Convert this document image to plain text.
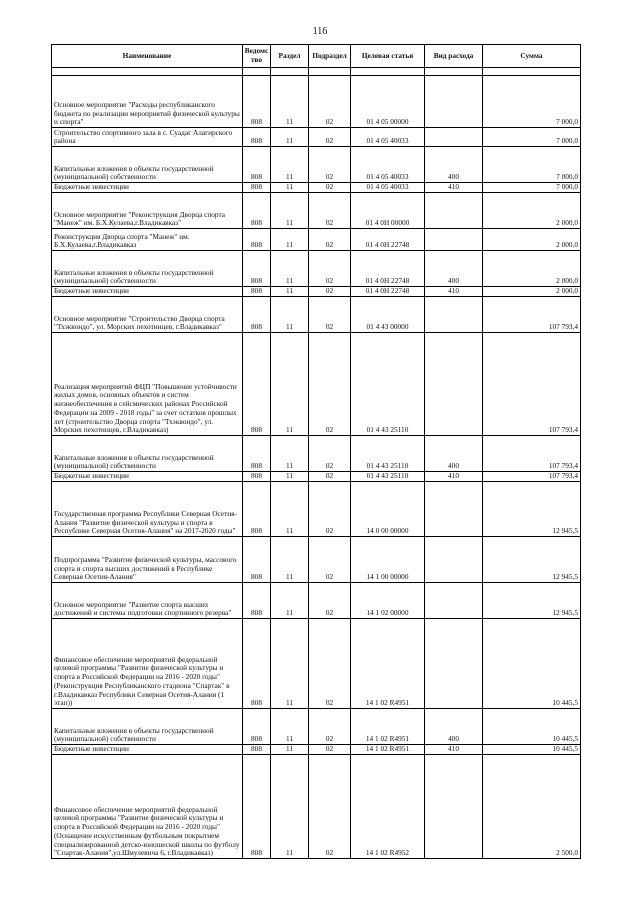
116
Наименование	Ведомс тво	Раздел	Подраздел	Целевая статья	Вид расхода	Сумма

Основное мероприятие "Расходы республиканского бюджета по реализации мероприятий физической культуры и спорта"	808	11	02	01 4 05 00000		7 000,0
Строительство спортивного зала в с. Суадаг Алагирского района	808	11	02	01 4 05 40033		7 000,0
Капитальные вложения в объекты государственной (муниципальной) собственности	808	11	02	01 4 05 40033	400	7 000,0
Бюджетные инвестиции	808	11	02	01 4 05 40033	410	7 000,0
Основное мероприятие "Реконструкция Дворца спорта "Манеж" им. Б.Х.Кулаева,г.Владикавказ"	808	11	02	01 4 0H 00000		2 000,0
Реконструкция Дворца спорта "Манеж" им. Б.Х.Кулаева,г.Владикавказ	808	11	02	01 4 0H 22748		2 000,0
Капитальные вложения в объекты государственной (муниципальной) собственности	808	11	02	01 4 0H 22748	400	2 000,0
Бюджетные инвестиции	808	11	02	01 4 0H 22748	410	2 000,0
Основное мероприятие "Строительство Дворца спорта "Тхэквондо", ул. Морских пехотинцев, г.Владикавказ"	808	11	02	01 4 43 00000		107 793,4
Реализация мероприятий ФЦП "Повышение устойчивости жилых домов, основных объектов и систем жизнеобеспечения в сейсмических районах Российской Федерации на 2009 - 2018 годы" за счет остатков прошлых лет (строительство Дворца спорта "Тхэквондо", ул. Морских пехотинцев, г.Владикавказ)	808	11	02	01 4 43 25110		107 793,4
Капитальные вложения в объекты государственной (муниципальной) собственности	808	11	02	01 4 43 25110	400	107 793,4
Бюджетные инвестиции	808	11	02	01 4 43 25110	410	107 793,4
Государственная программа Республики Северная Осетия-Алания "Развитие физической культуры и спорта в Республике Северная Осетия-Алания" на 2017-2020 годы"	808	11	02	14 0 00 00000		12 945,5
Подпрограмма "Развитие физической культуры, массового спорта и спорта высших достижений в Республике Северная Осетия-Алания"	808	11	02	14 1 00 00000		12 945,5
Основное мероприятие "Развитие спорта высших достижений и системы подготовки спортивного резерва"	808	11	02	14 1 02 00000		12 945,5
Финансовое обеспечение мероприятий федеральной целевой программы "Развитие физической культуры и спорта в Российской Федерации на 2016 - 2020 годы" (Реконструкция Республиканского стадиона "Спартак" в г.Владикавказ Республики Северная Осетия-Алания (1 этап))	808	11	02	14 1 02 R4951		10 445,5
Капитальные вложения в объекты государственной (муниципальной) собственности	808	11	02	14 1 02 R4951	400	10 445,5
Бюджетные инвестиции	808	11	02	14 1 02 R4951	410	10 445,5
Финансовое обеспечение мероприятий федеральной целевой программы "Развитие физической культуры и спорта в Российской Федерации на 2016 - 2020 годы" (Оснащение искусственным футбольным покрытием специализированной детско-юношеской школы по футболу "Спартак-Алания",ул.Шмулевича 6, г.Владикавказ)	808	11	02	14 1 02 R4952		2 500,0
